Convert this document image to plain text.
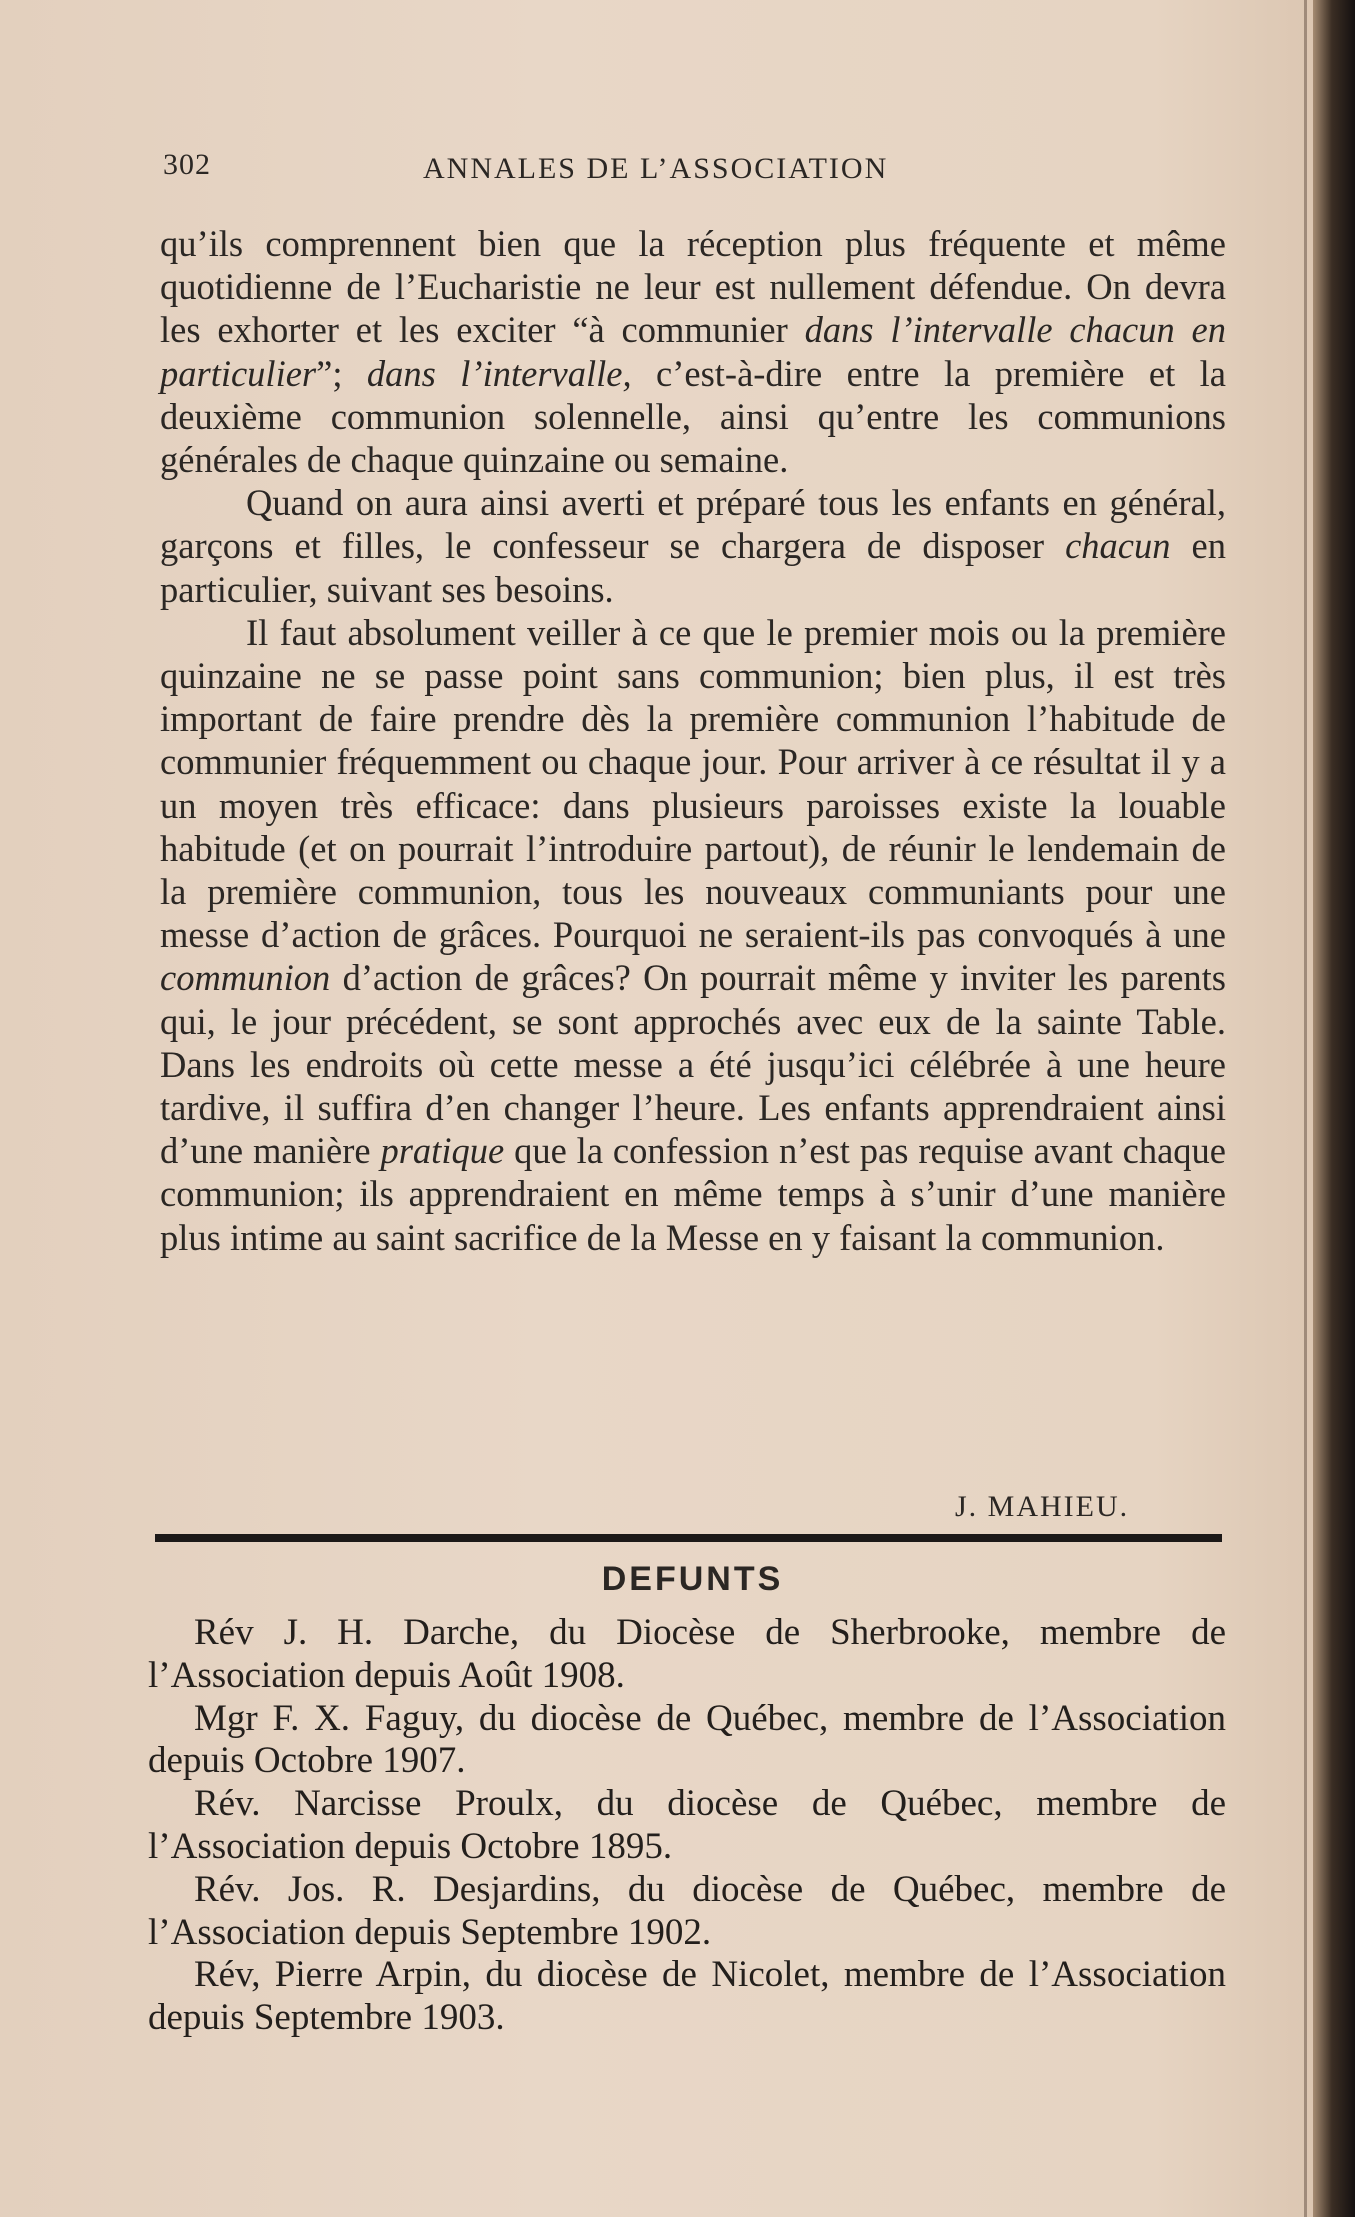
302	ANNALES DE L’ASSOCIATION

qu’ils comprennent bien que la réception plus fréquente et même quotidienne de l’Eucharistie ne leur est nullement défendue. On devra les exhorter et les exciter “à communier dans l’intervalle chacun en particulier”; dans l’intervalle, c’est-à-dire entre la première et la deuxième communion solennelle, ainsi qu’entre les communions générales de chaque quinzaine ou semaine.

Quand on aura ainsi averti et préparé tous les enfants en général, garçons et filles, le confesseur se chargera de disposer chacun en particulier, suivant ses besoins.

Il faut absolument veiller à ce que le premier mois ou la première quinzaine ne se passe point sans communion; bien plus, il est très important de faire prendre dès la première communion l’habitude de communier fréquemment ou chaque jour. Pour arriver à ce résultat il y a un moyen très efficace: dans plusieurs paroisses existe la louable habitude (et on pourrait l’introduire partout), de réunir le lendemain de la première communion, tous les nouveaux communiants pour une messe d’action de grâces. Pourquoi ne seraient-ils pas convoqués à une communion d’action de grâces? On pourrait même y inviter les parents qui, le jour précédent, se sont approchés avec eux de la sainte Table. Dans les endroits où cette messe a été jusqu’ici célébrée à une heure tardive, il suffira d’en changer l’heure. Les enfants apprendraient ainsi d’une manière pratique que la confession n’est pas requise avant chaque communion; ils apprendraient en même temps à s’unir d’une manière plus intime au saint sacrifice de la Messe en y faisant la communion.

J. MAHIEU.
DEFUNTS

Rév J. H. Darche, du Diocèse de Sherbrooke, membre de l’Association depuis Août 1908.

Mgr F. X. Faguy, du diocèse de Québec, membre de l’Association depuis Octobre 1907.

Rév. Narcisse Proulx, du diocèse de Québec, membre de l’Association depuis Octobre 1895.

Rév. Jos. R. Desjardins, du diocèse de Québec, membre de l’Association depuis Septembre 1902.

Rév, Pierre Arpin, du diocèse de Nicolet, membre de l’Association depuis Septembre 1903.
